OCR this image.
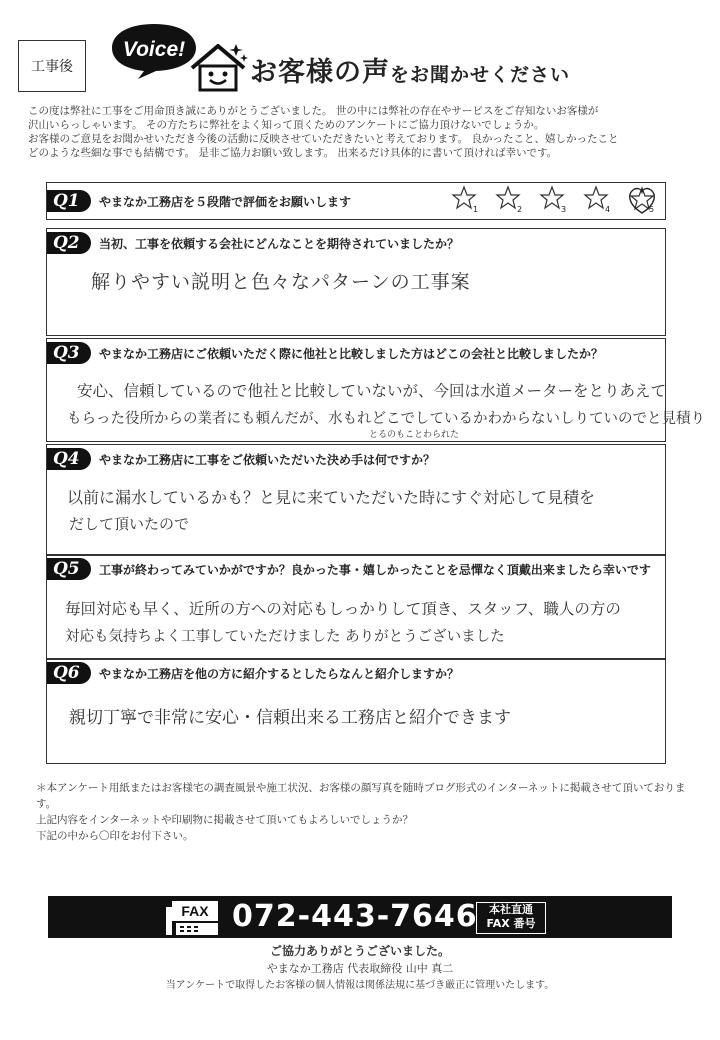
工事後
Voice!
お客様の声をお聞かせください
この度は弊社に工事をご用命頂き誠にありがとうございました。 世の中には弊社の存在やサービスをご存知ないお客様が
沢山いらっしゃいます。 その方たちに弊社をよく知って頂くためのアンケートにご協力頂けないでしょうか。
お客様のご意見をお聞かせいただき今後の活動に反映させていただきたいと考えております。 良かったこと、嬉しかったこと
どのような些細な事でも結構です。 是非ご協力お願い致します。 出来るだけ具体的に書いて頂ければ幸いです。
Q1	やまなか工務店を５段階で評価をお願いします
1	2	3	4	5
Q2	当初、工事を依頼する会社にどんなことを期待されていましたか？
解りやすい説明と色々なパターンの工事案
Q3	やまなか工務店にご依頼いただく際に他社と比較しました方はどこの会社と比較しましたか？
安心、信頼しているので他社と比較していないが、今回は水道メーターをとりあえて
もらった役所からの業者にも頼んだが、水もれどこでしているかわからないしりていのでと見積り
とるのもことわられた
Q4	やまなか工務店に工事をご依頼いただいた決め手は何ですか？
以前に漏水しているかも？と見に来ていただいた時にすぐ対応して見積を
だして頂いたので
Q5	工事が終わってみていかがですか？良かった事・嬉しかったことを忌憚なく頂戴出来ましたら幸いです
毎回対応も早く、近所の方への対応もしっかりして頂き、スタッフ、職人の方の
対応も気持ちよく工事していただけました ありがとうございました
Q6	やまなか工務店を他の方に紹介するとしたらなんと紹介しますか？
親切丁寧で非常に安心・信頼出来る工務店と紹介できます
＊本アンケート用紙またはお客様宅の調査風景や施工状況、お客様の顔写真を随時ブログ形式のインターネットに掲載させて頂いております。
上記内容をインターネットや印刷物に掲載させて頂いてもよろしいでしょうか？
下記の中から〇印をお付下さい。
FAX 072-443-7646	本社直通
FAX 番号
ご協力ありがとうございました。
やまなか工務店 代表取締役 山中 真二
当アンケートで取得したお客様の個人情報は関係法規に基づき厳正に管理いたします。
